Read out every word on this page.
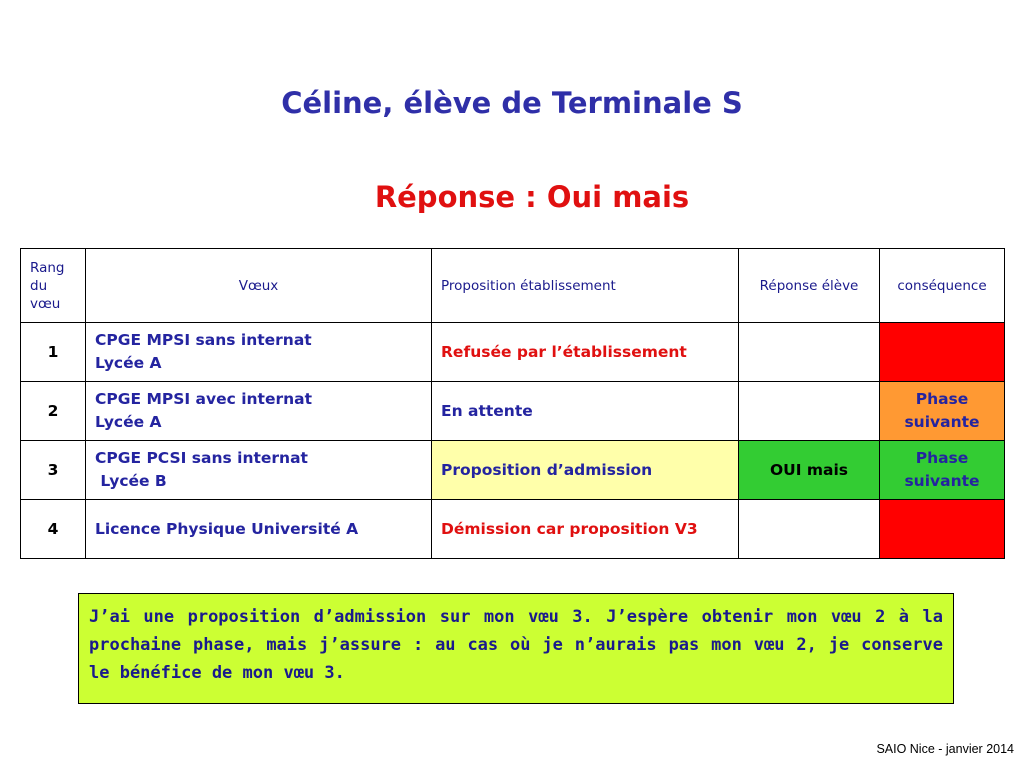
Céline, élève de Terminale S
Réponse : Oui mais
Rang
du
vœu	Vœux	Proposition établissement	Réponse élève	conséquence
1	CPGE MPSI sans internat
Lycée A	Refusée par l’établissement		
2	CPGE MPSI avec internat
Lycée A	En attente		Phase
suivante
3	CPGE PCSI sans internat
Lycée B	Proposition d’admission	OUI mais	Phase
suivante
4	Licence Physique Université A	Démission car proposition V3		

J’ai une proposition d’admission sur mon vœu 3. J’espère obtenir mon vœu 2 à la prochaine phase, mais j’assure : au cas où je n’aurais pas mon vœu 2, je conserve le bénéfice de mon vœu 3.

SAIO Nice - janvier 2014
